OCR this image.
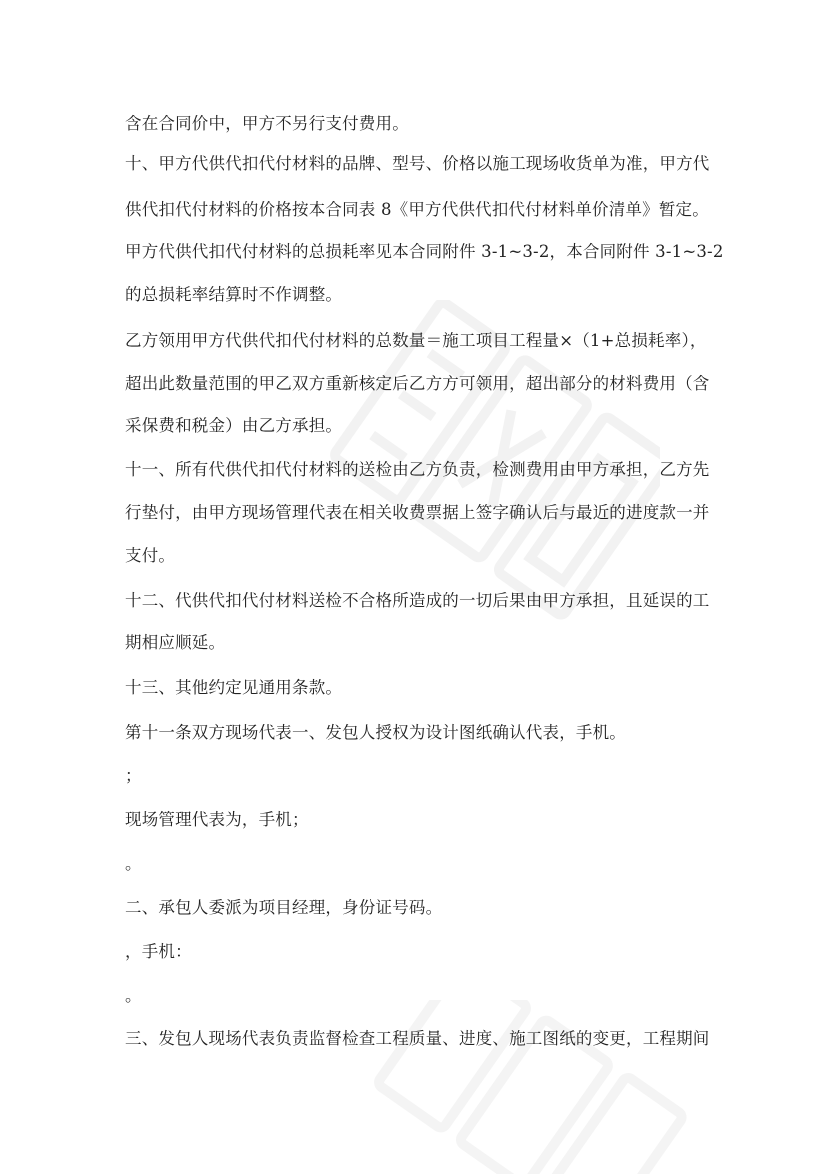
含在合同价中，甲方不另行支付费用。
十、甲方代供代扣代付材料的品牌、型号、价格以施工现场收货单为准，甲方代
供代扣代付材料的价格按本合同表 8《甲方代供代扣代付材料单价清单》暂定。
甲方代供代扣代付材料的总损耗率见本合同附件 3-1~3-2，本合同附件 3-1~3-2
的总损耗率结算时不作调整。
乙方领用甲方代供代扣代付材料的总数量＝施工项目工程量×（1+总损耗率），
超出此数量范围的甲乙双方重新核定后乙方方可领用，超出部分的材料费用（含
采保费和税金）由乙方承担。
十一、所有代供代扣代付材料的送检由乙方负责，检测费用由甲方承担，乙方先
行垫付，由甲方现场管理代表在相关收费票据上签字确认后与最近的进度款一并
支付。
十二、代供代扣代付材料送检不合格所造成的一切后果由甲方承担，且延误的工
期相应顺延。
十三、其他约定见通用条款。
第十一条双方现场代表一、发包人授权为设计图纸确认代表，手机。
；
现场管理代表为，手机；
。
二、承包人委派为项目经理，身份证号码。
，手机：
。
三、发包人现场代表负责监督检查工程质量、进度、施工图纸的变更，工程期间
